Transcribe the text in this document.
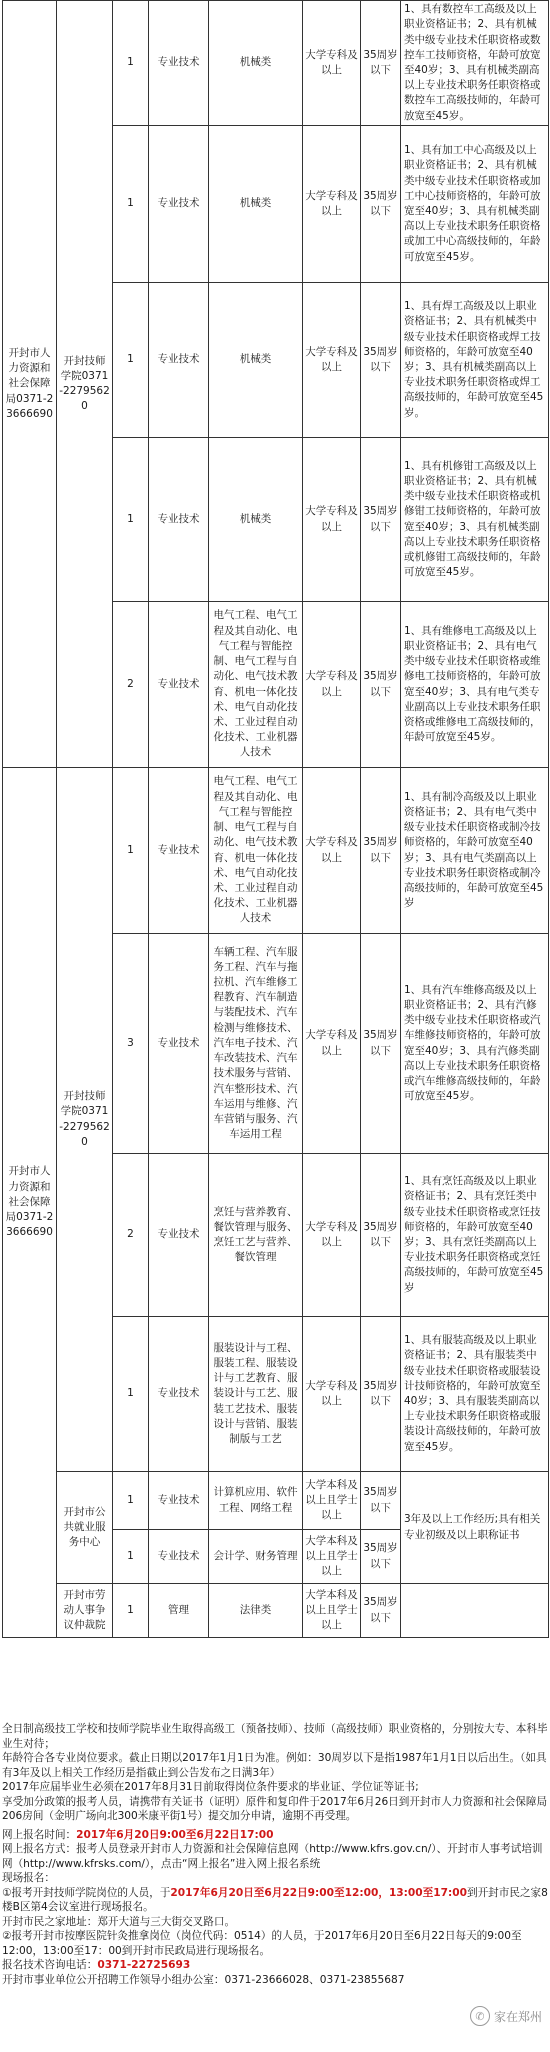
开封市人力资源和社会保障局0371-23666690	开封技师学院0371-22795620	1	专业技术	机械类	大学专科及以上	35周岁以下	1、具有数控车工高级及以上职业资格证书；2、具有机械类中级专业技术任职资格或数控车工技师资格，年龄可放宽至40岁；3、具有机械类副高以上专业技术职务任职资格或数控车工高级技师的，年龄可放宽至45岁。
		1	专业技术	机械类	大学专科及以上	35周岁以下	1、具有加工中心高级及以上职业资格证书；2、具有机械类中级专业技术任职资格或加工中心技师资格的，年龄可放宽至40岁；3、具有机械类副高以上专业技术职务任职资格或加工中心高级技师的，年龄可放宽至45岁。
		1	专业技术	机械类	大学专科及以上	35周岁以下	1、具有焊工高级及以上职业资格证书；2、具有机械类中级专业技术任职资格或焊工技师资格的，年龄可放宽至40岁；3、具有机械类副高以上专业技术职务任职资格或焊工高级技师的，年龄可放宽至45岁。
		1	专业技术	机械类	大学专科及以上	35周岁以下	1、具有机修钳工高级及以上职业资格证书；2、具有机械类中级专业技术任职资格或机修钳工技师资格的，年龄可放宽至40岁；3、具有机械类副高以上专业技术职务任职资格或机修钳工高级技师的，年龄可放宽至45岁。
		2	专业技术	电气工程、电气工程及其自动化、电气工程与智能控制、电气工程与自动化、电气技术教育、机电一体化技术、电气自动化技术、工业过程自动化技术、工业机器人技术	大学专科及以上	35周岁以下	1、具有维修电工高级及以上职业资格证书；2、具有电气类中级专业技术任职资格或维修电工技师资格的，年龄可放宽至40岁；3、具有电气类专业副高以上专业技术职务任职资格或维修电工高级技师的，年龄可放宽至45岁。
开封市人力资源和社会保障局0371-23666690	开封技师学院0371-22795620	1	专业技术	电气工程、电气工程及其自动化、电气工程与智能控制、电气工程与自动化、电气技术教育、机电一体化技术、电气自动化技术、工业过程自动化技术、工业机器人技术	大学专科及以上	35周岁以下	1、具有制冷高级及以上职业资格证书；2、具有电气类中级专业技术任职资格或制冷技师资格的，年龄可放宽至40岁；3、具有电气类副高以上专业技术职务任职资格或制冷高级技师的，年龄可放宽至45岁
		3	专业技术	车辆工程、汽车服务工程、汽车与拖拉机、汽车维修工程教育、汽车制造与装配技术、汽车检测与维修技术、汽车电子技术、汽车改装技术、汽车技术服务与营销、汽车整形技术、汽车运用与维修、汽车营销与服务、汽车运用工程	大学专科及以上	35周岁以下	1、具有汽车维修高级及以上职业资格证书；2、具有汽修类中级专业技术任职资格或汽车维修技师资格的，年龄可放宽至40岁；3、具有汽修类副高以上专业技术职务任职资格或汽车维修高级技师的，年龄可放宽至45岁。
		2	专业技术	烹饪与营养教育、餐饮管理与服务、烹饪工艺与营养、餐饮管理	大学专科及以上	35周岁以下	1、具有烹饪高级及以上职业资格证书；2、具有烹饪类中级专业技术任职资格或烹饪技师资格的，年龄可放宽至40岁；3、具有烹饪类副高以上专业技术职务任职资格或烹饪高级技师的，年龄可放宽至45岁
		1	专业技术	服装设计与工程、服装工程、服装设计与工艺教育、服装设计与工艺、服装工艺技术、服装设计与营销、服装制版与工艺	大学专科及以上	35周岁以下	1、具有服装高级及以上职业资格证书；2、具有服装类中级专业技术任职资格或服装设计技师资格的，年龄可放宽至40岁；3、具有服装类副高以上专业技术职务任职资格或服装设计高级技师的，年龄可放宽至45岁。
	开封市公共就业服务中心	1	专业技术	计算机应用、软件工程、网络工程	大学本科及以上且学士以上	35周岁以下	3年及以上工作经历;具有相关专业初级及以上职称证书
		1	专业技术	会计学、财务管理	大学本科及以上且学士以上	35周岁以下	
	开封市劳动人事争议仲裁院	1	管理	法律类	大学本科及以上且学士以上	35周岁以下	

全日制高级技工学校和技师学院毕业生取得高级工（预备技师）、技师（高级技师）职业资格的，分别按大专、本科毕业生对待；

年龄符合各专业岗位要求。截止日期以2017年1月1日为准。例如：30周岁以下是指1987年1月1日以后出生。（如具有3年及以上相关工作经历是指截止到公告发布之日满3年）

2017年应届毕业生必须在2017年8月31日前取得岗位条件要求的毕业证、学位证等证书;

享受加分政策的报考人员，请携带有关证书（证明）原件和复印件于2017年6月26日到开封市人力资源和社会保障局206房间（金明广场向北300米康平街1号）提交加分申请，逾期不再受理。

网上报名时间：2017年6月20日9:00至6月22日17:00

网上报名方式：报考人员登录开封市人力资源和社会保障信息网（http://www.kfrs.gov.cn/）、开封市人事考试培训网（http://www.kfrsks.com/），点击“网上报名”进入网上报名系统

现场报名：

①报考开封技师学院岗位的人员，于2017年6月20日至6月22日9:00至12:00，13:00至17:00到开封市民之家8楼B区第4会议室进行现场报名。

开封市民之家地址：郑开大道与三大街交叉路口。

②报考开封市按摩医院针灸推拿岗位（岗位代码：0514）的人员，于2017年6月20日至6月22日每天的9:00至12:00，13:00至17：00到开封市民政局进行现场报名。

报名技术咨询电话：0371-22725693

开封市事业单位公开招聘工作领导小组办公室：0371-23666028、0371-23855687

✆ 家在郑州
